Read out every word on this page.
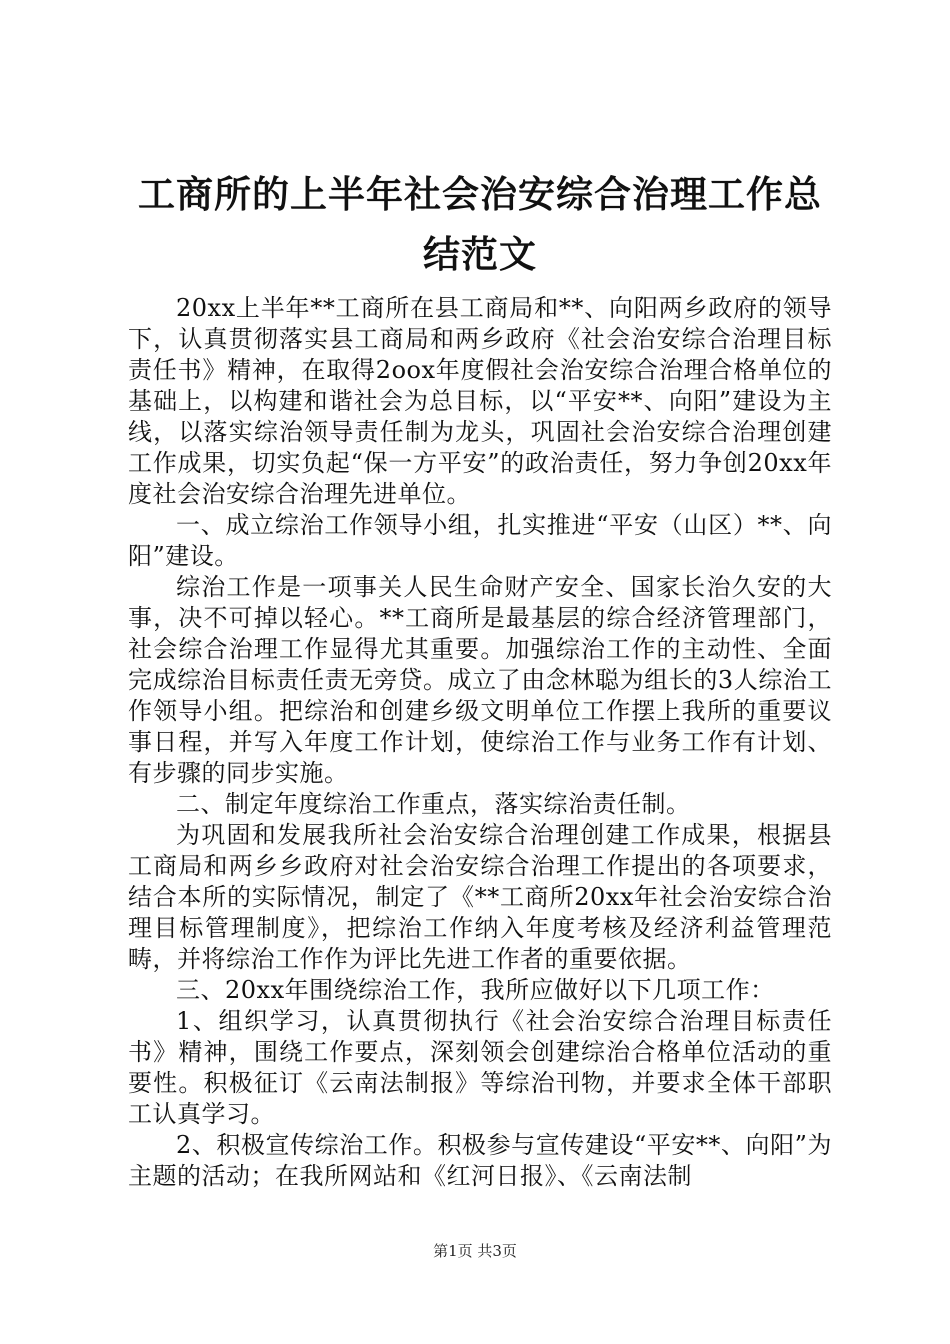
工商所的上半年社会治安综合治理工作总结范文

20xx上半年**工商所在县工商局和**、向阳两乡政府的领导下，认真贯彻落实县工商局和两乡政府《社会治安综合治理目标责任书》精神，在取得2oox年度假社会治安综合治理合格单位的基础上，以构建和谐社会为总目标，以“平安**、向阳”建设为主线，以落实综治领导责任制为龙头，巩固社会治安综合治理创建工作成果，切实负起“保一方平安”的政治责任，努力争创20xx年度社会治安综合治理先进单位。

一、成立综治工作领导小组，扎实推进“平安（山区）**、向阳”建设。

综治工作是一项事关人民生命财产安全、国家长治久安的大事，决不可掉以轻心。**工商所是最基层的综合经济管理部门，社会综合治理工作显得尤其重要。加强综治工作的主动性、全面完成综治目标责任责无旁贷。成立了由念林聪为组长的3人综治工作领导小组。把综治和创建乡级文明单位工作摆上我所的重要议事日程，并写入年度工作计划，使综治工作与业务工作有计划、有步骤的同步实施。

二、制定年度综治工作重点，落实综治责任制。

为巩固和发展我所社会治安综合治理创建工作成果，根据县工商局和两乡乡政府对社会治安综合治理工作提出的各项要求，结合本所的实际情况，制定了《**工商所20xx年社会治安综合治理目标管理制度》，把综治工作纳入年度考核及经济利益管理范畴，并将综治工作作为评比先进工作者的重要依据。

三、20xx年围绕综治工作，我所应做好以下几项工作：

1、组织学习，认真贯彻执行《社会治安综合治理目标责任书》精神，围绕工作要点，深刻领会创建综治合格单位活动的重要性。积极征订《云南法制报》等综治刊物，并要求全体干部职工认真学习。

2、积极宣传综治工作。积极参与宣传建设“平安**、向阳”为主题的活动；在我所网站和《红河日报》、《云南法制

第1页 共3页
